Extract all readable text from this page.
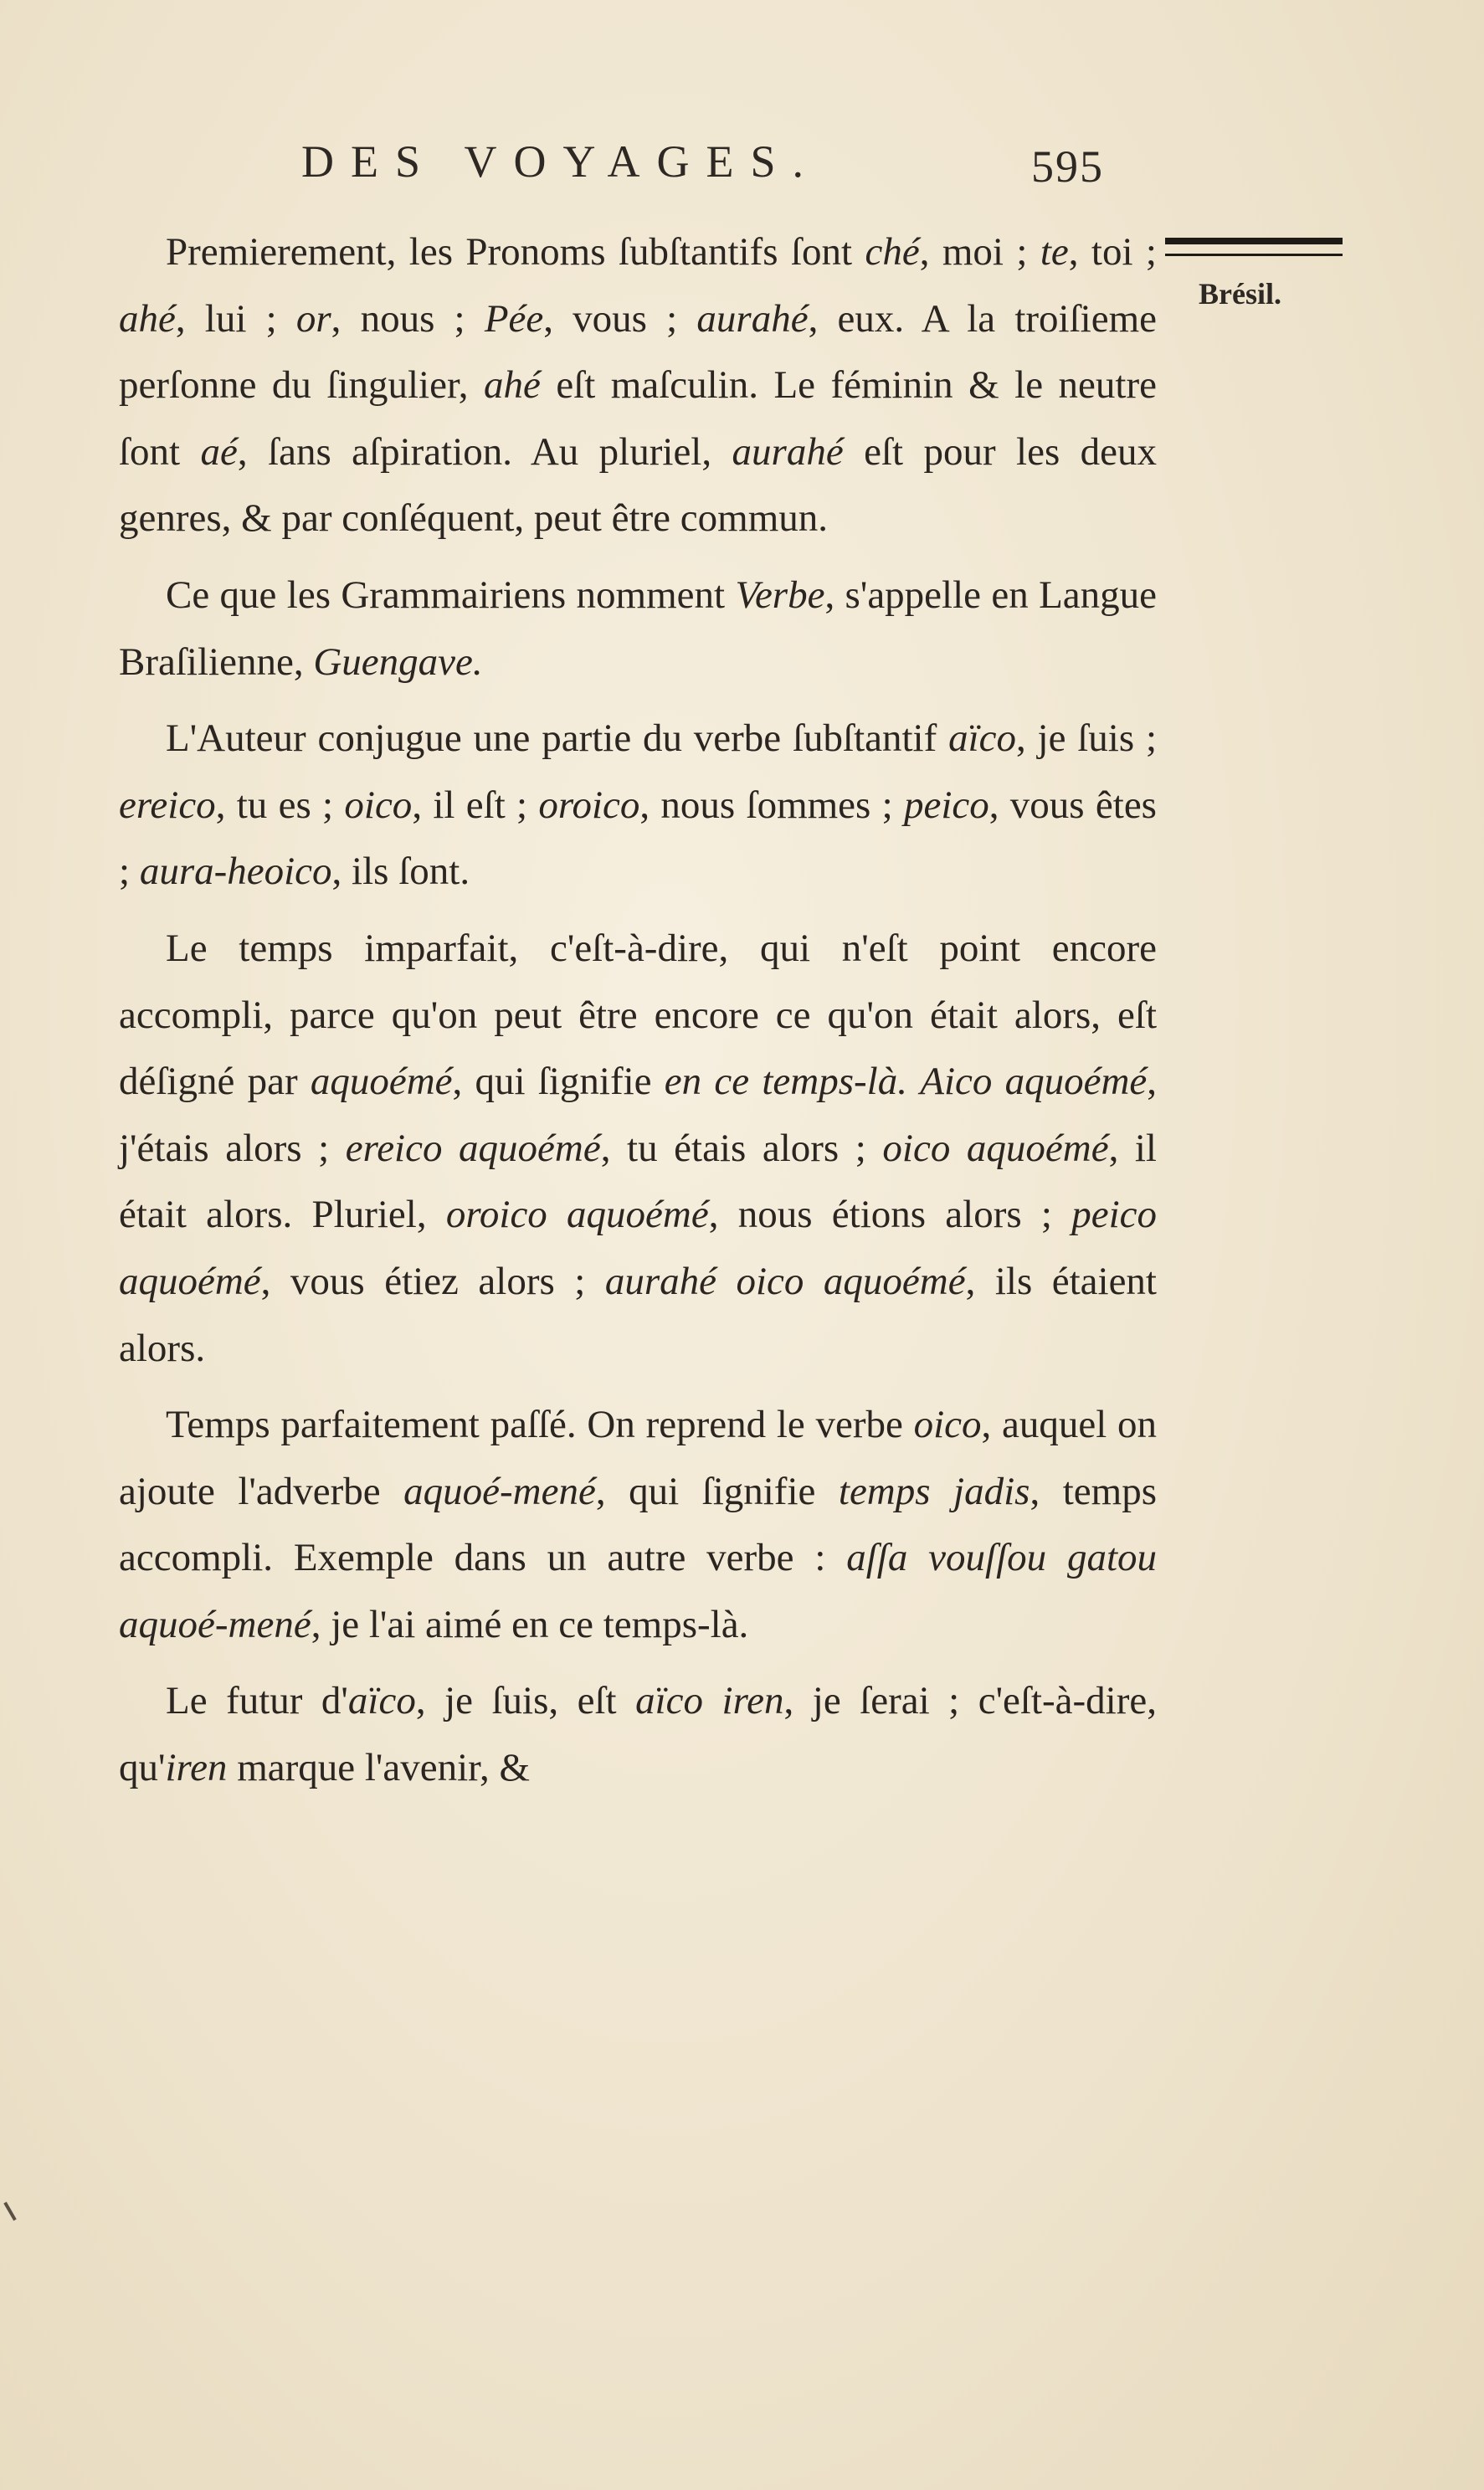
DES VOYAGES.	595
Brésil.

Premierement, les Pronoms ſubſtantifs ſont ché, moi ; te, toi ; ahé, lui ; or, nous ; Pée, vous ; aurahé, eux. A la troiſieme perſonne du ſingulier, ahé eſt maſculin. Le féminin & le neutre ſont aé, ſans aſpiration. Au pluriel, aurahé eſt pour les deux genres, & par conſéquent, peut être commun.

Ce que les Grammairiens nomment Verbe, s'appelle en Langue Braſilienne, Guengave.

L'Auteur conjugue une partie du verbe ſubſtantif aïco, je ſuis ; ereico, tu es ; oico, il eſt ; oroico, nous ſommes ; peico, vous êtes ; aura-heoico, ils ſont.

Le temps imparfait, c'eſt-à-dire, qui n'eſt point encore accompli, parce qu'on peut être encore ce qu'on était alors, eſt déſigné par aquoémé, qui ſignifie en ce temps-là. Aico aquoémé, j'étais alors ; ereico aquoémé, tu étais alors ; oico aquoémé, il était alors. Pluriel, oroico aquoémé, nous étions alors ; peico aquoémé, vous étiez alors ; aurahé oico aquoémé, ils étaient alors.

Temps parfaitement paſſé. On reprend le verbe oico, auquel on ajoute l'adverbe aquoé-mené, qui ſignifie temps jadis, temps accompli. Exemple dans un autre verbe : aſſa vouſſou gatou aquoé-mené, je l'ai aimé en ce temps-là.

Le futur d'aïco, je ſuis, eſt aïco iren, je ſerai ; c'eſt-à-dire, qu'iren marque l'avenir, &
